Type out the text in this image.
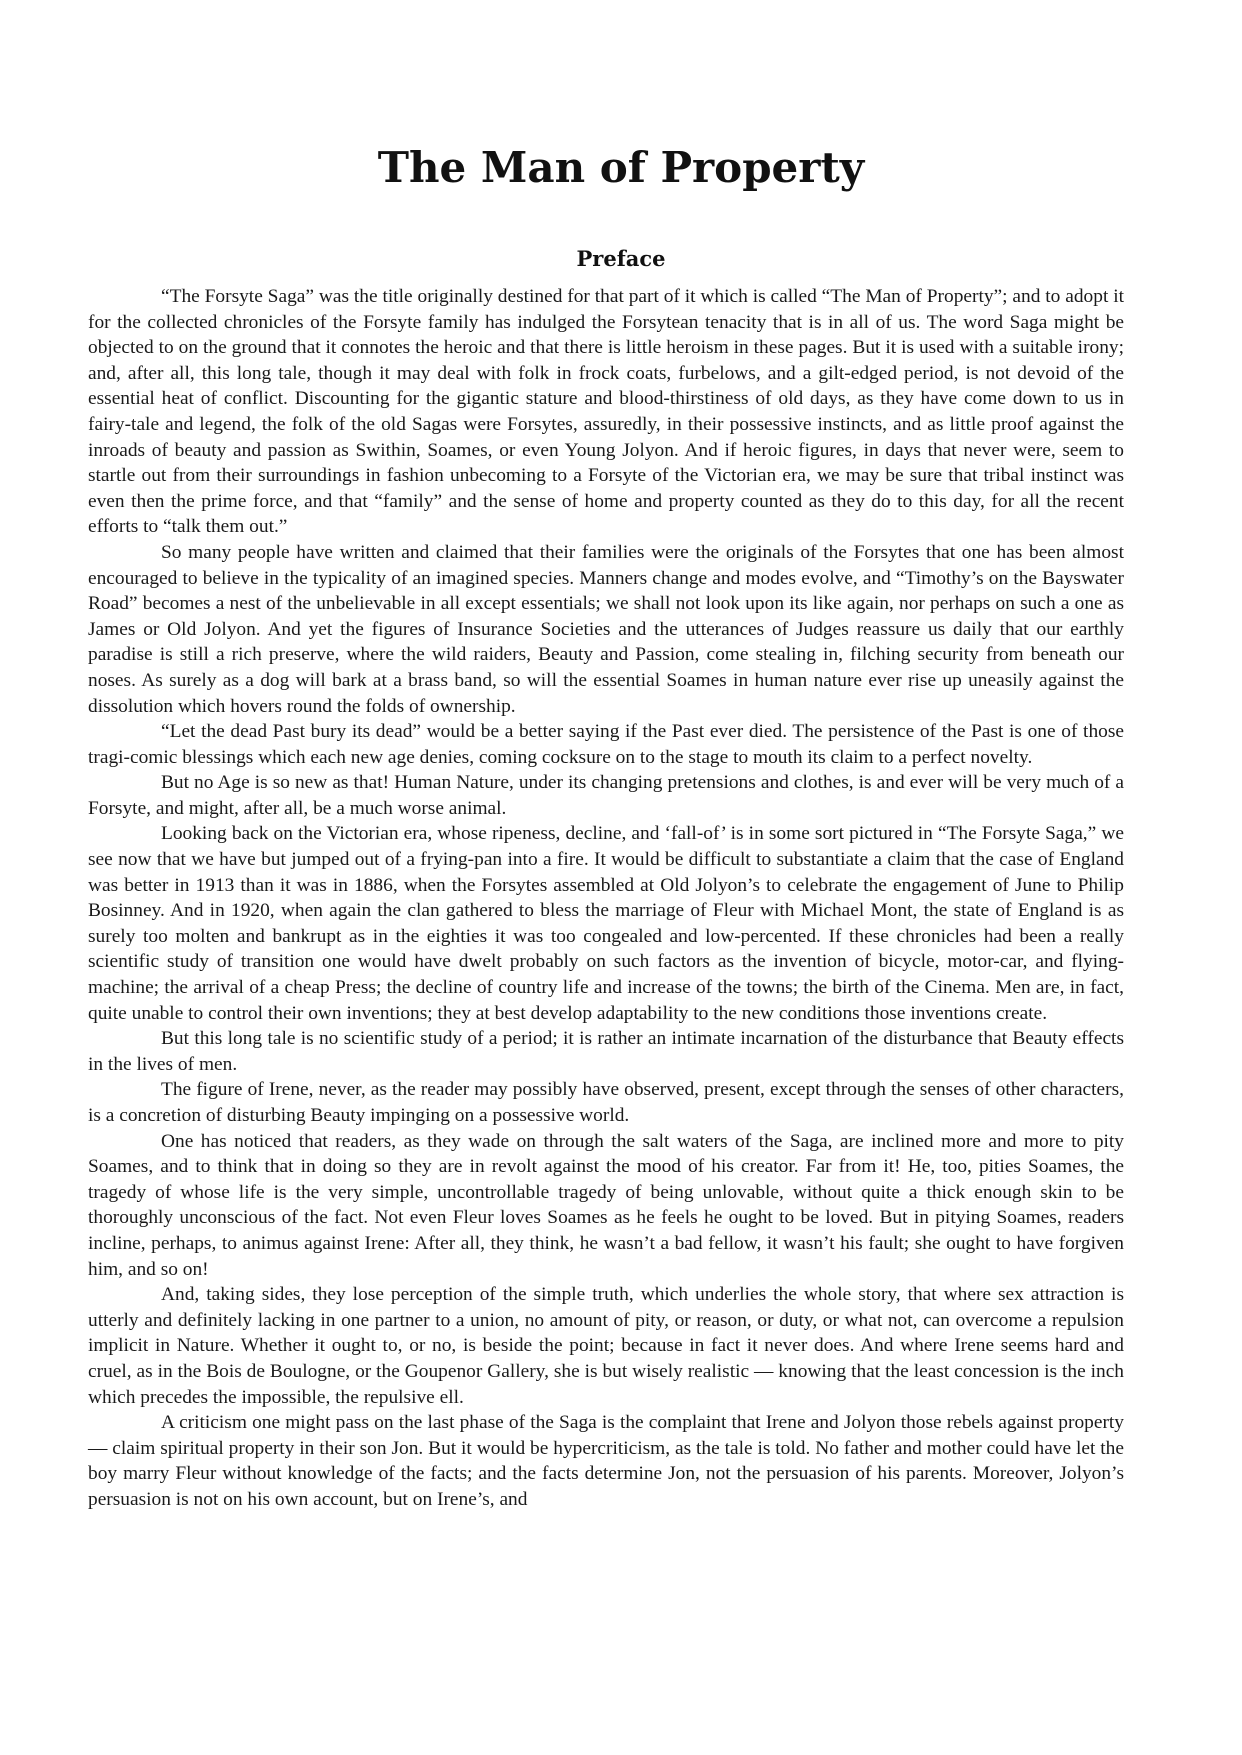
The Man of Property
Preface

“The Forsyte Saga” was the title originally destined for that part of it which is called “The Man of Property”; and to adopt it for the collected chronicles of the Forsyte family has indulged the Forsytean tenacity that is in all of us. The word Saga might be objected to on the ground that it connotes the heroic and that there is little heroism in these pages. But it is used with a suitable irony; and, after all, this long tale, though it may deal with folk in frock coats, furbelows, and a gilt-edged period, is not devoid of the essential heat of conflict. Discounting for the gigantic stature and blood-thirstiness of old days, as they have come down to us in fairy-tale and legend, the folk of the old Sagas were Forsytes, assuredly, in their possessive instincts, and as little proof against the inroads of beauty and passion as Swithin, Soames, or even Young Jolyon. And if heroic figures, in days that never were, seem to startle out from their surroundings in fashion unbecoming to a Forsyte of the Victorian era, we may be sure that tribal instinct was even then the prime force, and that “family” and the sense of home and property counted as they do to this day, for all the recent efforts to “talk them out.”

So many people have written and claimed that their families were the originals of the Forsytes that one has been almost encouraged to believe in the typicality of an imagined species. Manners change and modes evolve, and “Timothy’s on the Bayswater Road” becomes a nest of the unbelievable in all except essentials; we shall not look upon its like again, nor perhaps on such a one as James or Old Jolyon. And yet the figures of Insurance Societies and the utterances of Judges reassure us daily that our earthly paradise is still a rich preserve, where the wild raiders, Beauty and Passion, come stealing in, filching security from beneath our noses. As surely as a dog will bark at a brass band, so will the essential Soames in human nature ever rise up uneasily against the dissolution which hovers round the folds of ownership.

“Let the dead Past bury its dead” would be a better saying if the Past ever died. The persistence of the Past is one of those tragi-comic blessings which each new age denies, coming cocksure on to the stage to mouth its claim to a perfect novelty.

But no Age is so new as that! Human Nature, under its changing pretensions and clothes, is and ever will be very much of a Forsyte, and might, after all, be a much worse animal.

Looking back on the Victorian era, whose ripeness, decline, and ‘fall-of’ is in some sort pictured in “The Forsyte Saga,” we see now that we have but jumped out of a frying-pan into a fire. It would be difficult to substantiate a claim that the case of England was better in 1913 than it was in 1886, when the Forsytes assembled at Old Jolyon’s to celebrate the engagement of June to Philip Bosinney. And in 1920, when again the clan gathered to bless the marriage of Fleur with Michael Mont, the state of England is as surely too molten and bankrupt as in the eighties it was too congealed and low-percented. If these chronicles had been a really scientific study of transition one would have dwelt probably on such factors as the invention of bicycle, motor-car, and flying-machine; the arrival of a cheap Press; the decline of country life and increase of the towns; the birth of the Cinema. Men are, in fact, quite unable to control their own inventions; they at best develop adaptability to the new conditions those inventions create.

But this long tale is no scientific study of a period; it is rather an intimate incarnation of the disturbance that Beauty effects in the lives of men.

The figure of Irene, never, as the reader may possibly have observed, present, except through the senses of other characters, is a concretion of disturbing Beauty impinging on a possessive world.

One has noticed that readers, as they wade on through the salt waters of the Saga, are inclined more and more to pity Soames, and to think that in doing so they are in revolt against the mood of his creator. Far from it! He, too, pities Soames, the tragedy of whose life is the very simple, uncontrollable tragedy of being unlovable, without quite a thick enough skin to be thoroughly unconscious of the fact. Not even Fleur loves Soames as he feels he ought to be loved. But in pitying Soames, readers incline, perhaps, to animus against Irene: After all, they think, he wasn’t a bad fellow, it wasn’t his fault; she ought to have forgiven him, and so on!

And, taking sides, they lose perception of the simple truth, which underlies the whole story, that where sex attraction is utterly and definitely lacking in one partner to a union, no amount of pity, or reason, or duty, or what not, can overcome a repulsion implicit in Nature. Whether it ought to, or no, is beside the point; because in fact it never does. And where Irene seems hard and cruel, as in the Bois de Boulogne, or the Goupenor Gallery, she is but wisely realistic — knowing that the least concession is the inch which precedes the impossible, the repulsive ell.

A criticism one might pass on the last phase of the Saga is the complaint that Irene and Jolyon those rebels against property — claim spiritual property in their son Jon. But it would be hypercriticism, as the tale is told. No father and mother could have let the boy marry Fleur without knowledge of the facts; and the facts determine Jon, not the persuasion of his parents. Moreover, Jolyon’s persuasion is not on his own account, but on Irene’s, and
